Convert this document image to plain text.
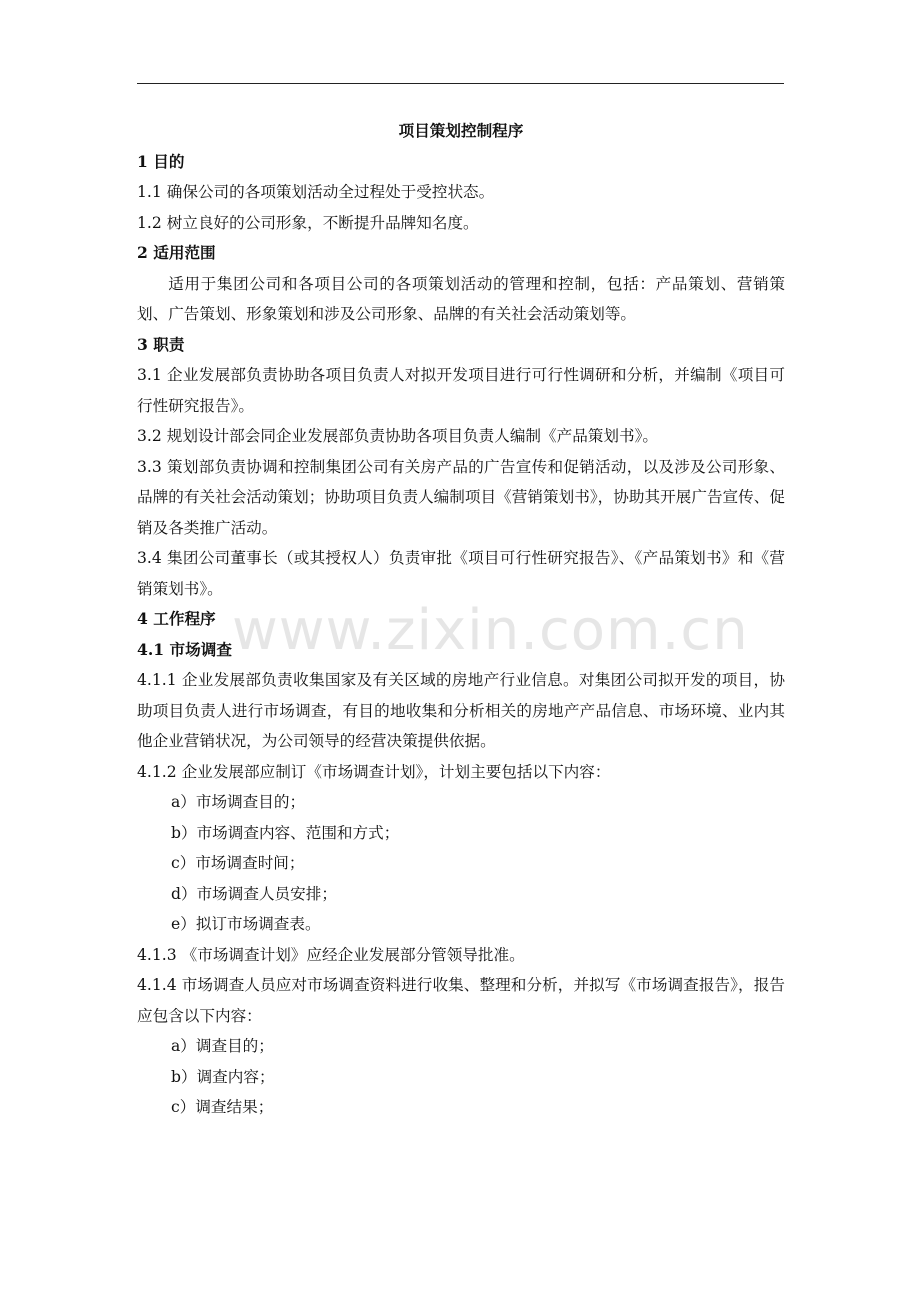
www.zixin.com.cn

项目策划控制程序

1 目的

1.1 确保公司的各项策划活动全过程处于受控状态。

1.2 树立良好的公司形象，不断提升品牌知名度。

2 适用范围

适用于集团公司和各项目公司的各项策划活动的管理和控制，包括：产品策划、营销策划、广告策划、形象策划和涉及公司形象、品牌的有关社会活动策划等。

3 职责

3.1 企业发展部负责协助各项目负责人对拟开发项目进行可行性调研和分析，并编制《项目可行性研究报告》。

3.2 规划设计部会同企业发展部负责协助各项目负责人编制《产品策划书》。

3.3 策划部负责协调和控制集团公司有关房产品的广告宣传和促销活动，以及涉及公司形象、品牌的有关社会活动策划；协助项目负责人编制项目《营销策划书》，协助其开展广告宣传、促销及各类推广活动。

3.4 集团公司董事长（或其授权人）负责审批《项目可行性研究报告》、《产品策划书》和《营销策划书》。

4 工作程序

4.1 市场调查

4.1.1 企业发展部负责收集国家及有关区域的房地产行业信息。对集团公司拟开发的项目，协助项目负责人进行市场调查，有目的地收集和分析相关的房地产产品信息、市场环境、业内其他企业营销状况，为公司领导的经营决策提供依据。

4.1.2 企业发展部应制订《市场调查计划》，计划主要包括以下内容：

a）市场调查目的；

b）市场调查内容、范围和方式；

c）市场调查时间；

d）市场调查人员安排；

e）拟订市场调查表。

4.1.3 《市场调查计划》应经企业发展部分管领导批准。

4.1.4 市场调查人员应对市场调查资料进行收集、整理和分析，并拟写《市场调查报告》，报告应包含以下内容：

a）调查目的；

b）调查内容；

c）调查结果；
